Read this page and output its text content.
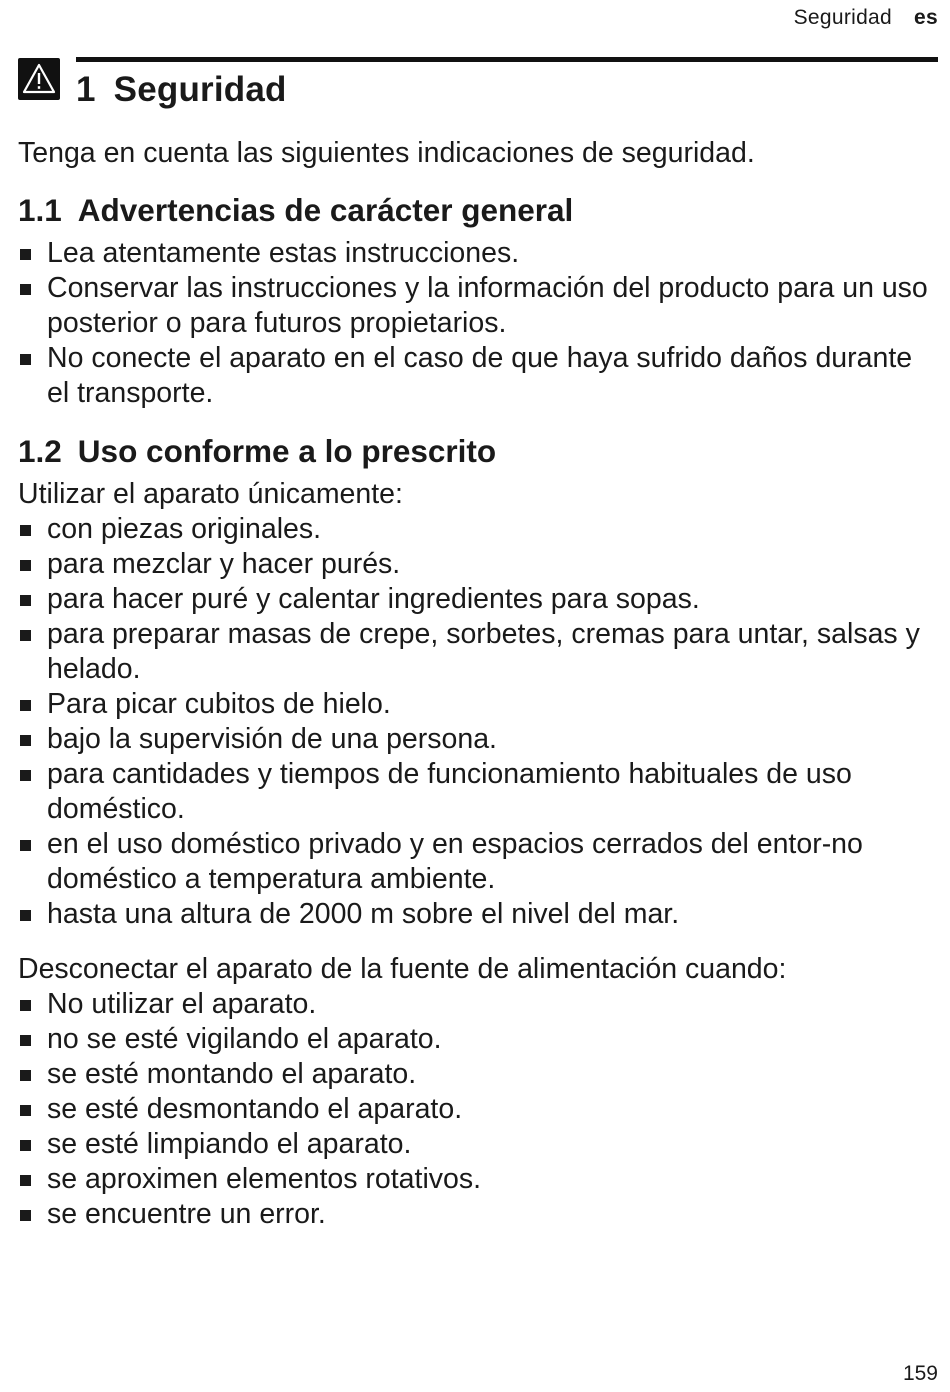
Seguridad es
1 Seguridad

Tenga en cuenta las siguientes indicaciones de seguridad.

1.1 Advertencias de carácter general
Lea atentamente estas instrucciones.
Conservar las instrucciones y la información del producto para un uso posterior o para futuros propietarios.
No conecte el aparato en el caso de que haya sufrido daños durante el transporte.
1.2 Uso conforme a lo prescrito

Utilizar el aparato únicamente:

con piezas originales.
para mezclar y hacer purés.
para hacer puré y calentar ingredientes para sopas.
para preparar masas de crepe, sorbetes, cremas para untar, salsas y helado.
Para picar cubitos de hielo.
bajo la supervisión de una persona.
para cantidades y tiempos de funcionamiento habituales de uso doméstico.
en el uso doméstico privado y en espacios cerrados del entor-no doméstico a temperatura ambiente.
hasta una altura de 2000 m sobre el nivel del mar.

Desconectar el aparato de la fuente de alimentación cuando:

No utilizar el aparato.
no se esté vigilando el aparato.
se esté montando el aparato.
se esté desmontando el aparato.
se esté limpiando el aparato.
se aproximen elementos rotativos.
se encuentre un error.
159
